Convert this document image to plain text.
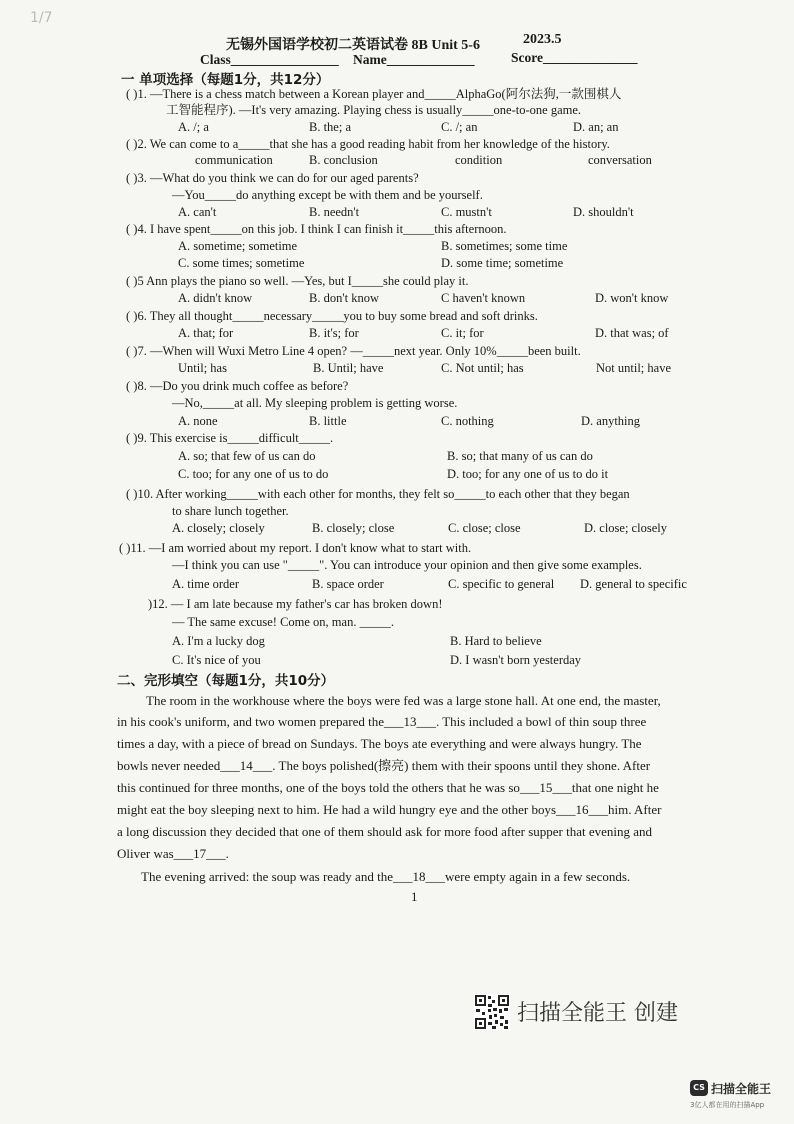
1/7
无锡外国语学校初二英语试卷 8B Unit 5-6	2023.5
Class________________ Name_____________	Score______________
一 单项选择（每题1分，共12分）
( )1. —There is a chess match between a Korean player and_____AlphaGo(阿尔法狗,一款围棋人
工智能程序). —It's very amazing. Playing chess is usually_____one-to-one game.
A. /; a	B. the; a	C. /; an	D. an; an
( )2. We can come to a_____that she has a good reading habit from her knowledge of the history.
communication	B. conclusion	condition	conversation
( )3. —What do you think we can do for our aged parents?
—You_____do anything except be with them and be yourself.
A. can't	B. needn't	C. mustn't	D. shouldn't
( )4. I have spent_____on this job. I think I can finish it_____this afternoon.
A. sometime; sometime	B. sometimes; some time
C. some times; sometime	D. some time; sometime
( )5 Ann plays the piano so well. —Yes, but I_____she could play it.
A. didn't know	B. don't know	C haven't known	D. won't know
( )6. They all thought_____necessary_____you to buy some bread and soft drinks.
A. that; for	B. it's; for	C. it; for	D. that was; of
( )7. —When will Wuxi Metro Line 4 open? —_____next year. Only 10%_____been built.
Until; has	B. Until; have	C. Not until; has	Not until; have
( )8. —Do you drink much coffee as before?
—No,_____at all. My sleeping problem is getting worse.
A. none	B. little	C. nothing	D. anything
( )9. This exercise is_____difficult_____.
A. so; that few of us can do	B. so; that many of us can do
C. too; for any one of us to do	D. too; for any one of us to do it
( )10. After working_____with each other for months, they felt so_____to each other that they began
to share lunch together.
A. closely; closely	B. closely; close	C. close; close	D. close; closely
( )11. —I am worried about my report. I don't know what to start with.
—I think you can use "_____". You can introduce your opinion and then give some examples.
A. time order	B. space order	C. specific to general D. general to specific
)12. — I am late because my father's car has broken down!
— The same excuse! Come on, man. _____.
A. I'm a lucky dog	B. Hard to believe
C. It's nice of you	D. I wasn't born yesterday
二、完形填空（每题1分，共10分）
The room in the workhouse where the boys were fed was a large stone hall. At one end, the master,
in his cook's uniform, and two women prepared the___13___. This included a bowl of thin soup three
times a day, with a piece of bread on Sundays. The boys ate everything and were always hungry. The
bowls never needed___14___. The boys polished(擦亮) them with their spoons until they shone. After
this continued for three months, one of the boys told the others that he was so___15___that one night he
might eat the boy sleeping next to him. He had a wild hungry eye and the other boys___16___him. After
a long discussion they decided that one of them should ask for more food after supper that evening and
Oliver was___17___.
The evening arrived: the soup was ready and the___18___were empty again in a few seconds.
1
扫描全能王 创建
CS 扫描全能王
3亿人都在用的扫描App
